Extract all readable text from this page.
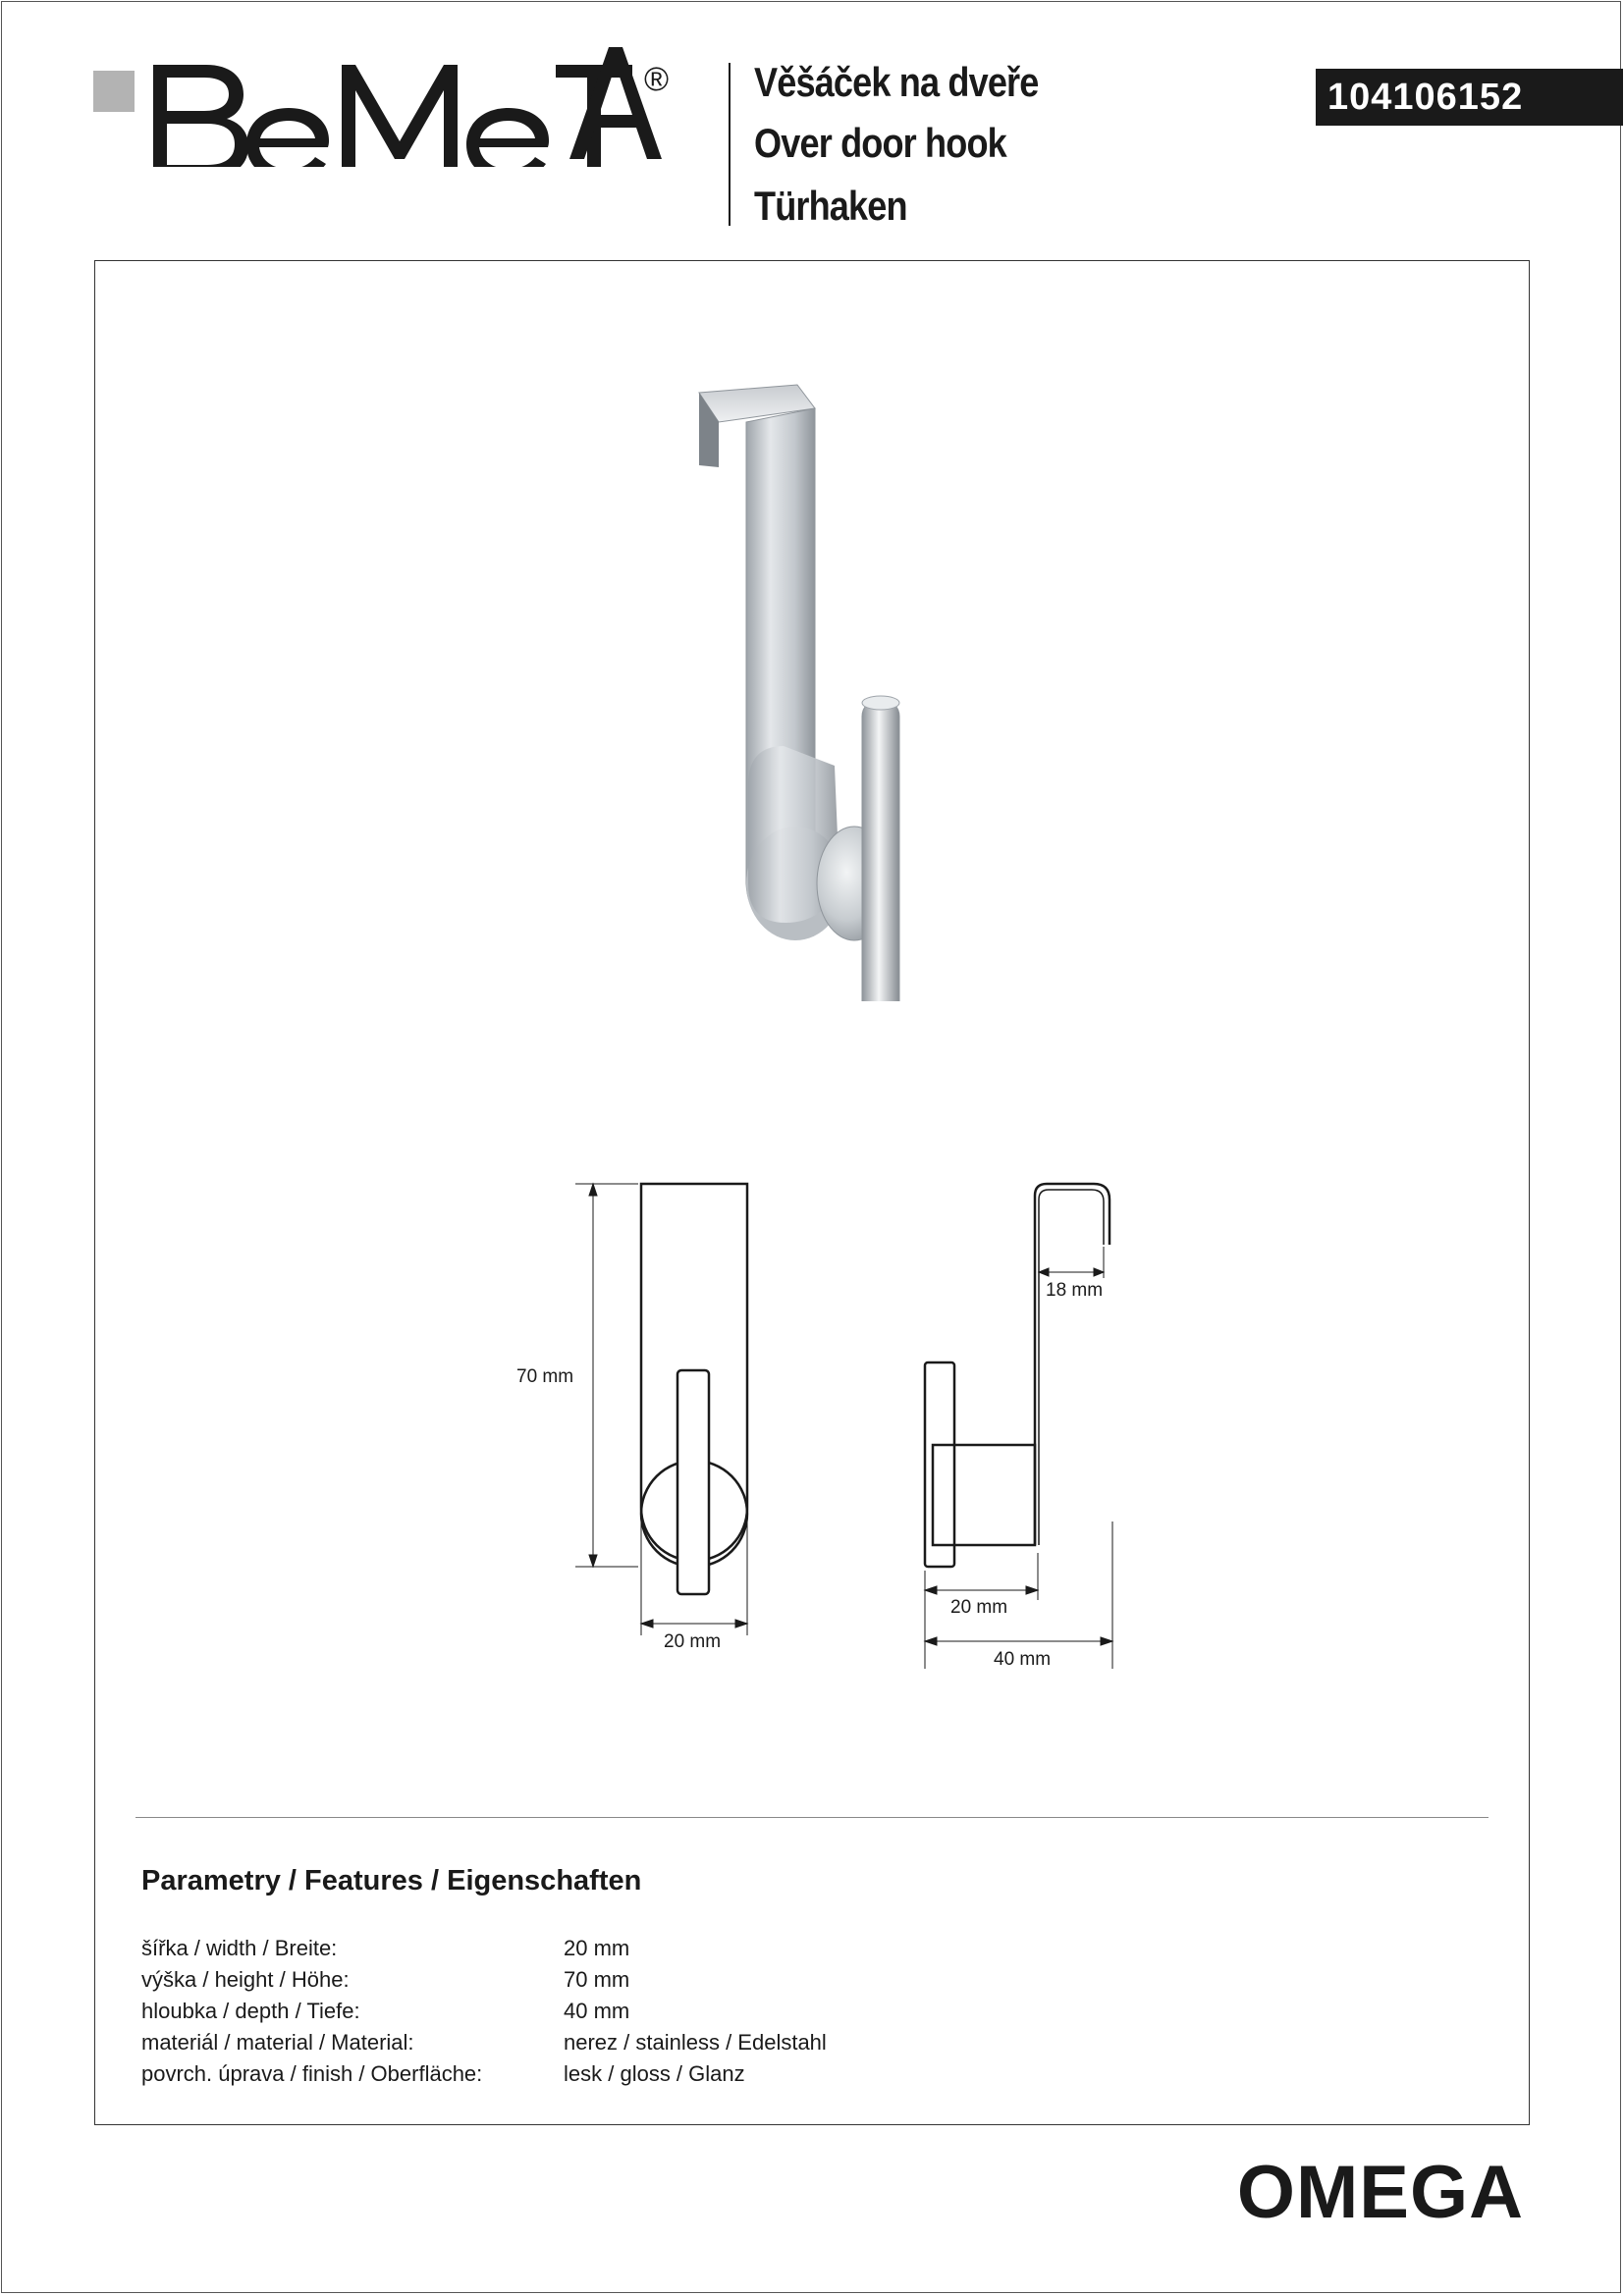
® Věšáček na dveře
Over door hook
Türhaken
104106152
70 mm
20 mm
18 mm
20 mm
40 mm
Parametry / Features / Eigenschaften
šířka / width / Breite:	20 mm
výška / height / Höhe:	70 mm
hloubka / depth / Tiefe:	40 mm
materiál / material / Material:	nerez / stainless / Edelstahl
povrch. úprava / finish / Oberfläche:	lesk / gloss / Glanz
OMEGA
